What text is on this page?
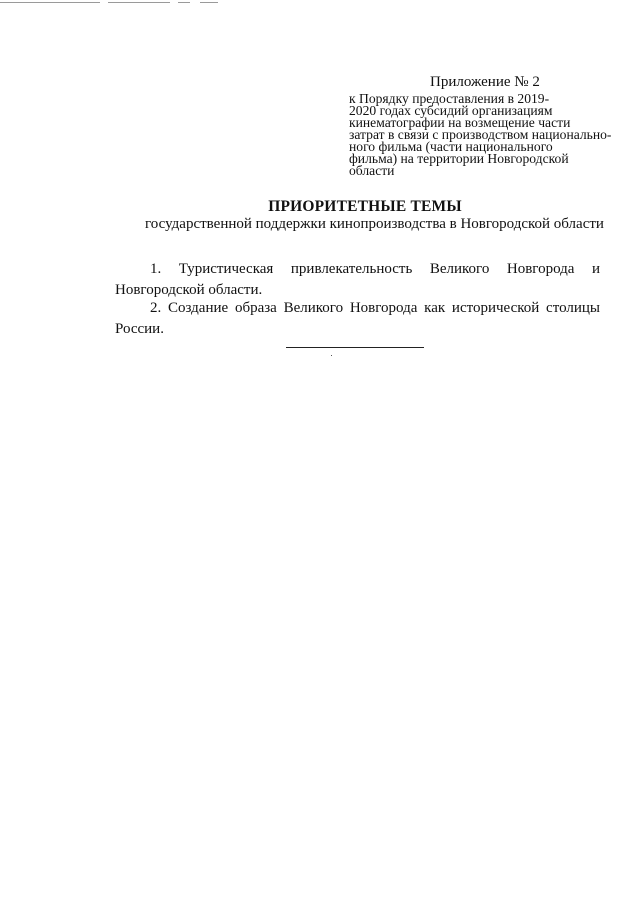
Приложение № 2
к Порядку предоставления в 2019-
2020 годах субсидий организациям
кинематографии на возмещение части
затрат в связи с производством национально-
ного фильма (части национального
фильма) на территории Новгородской
области
ПРИОРИТЕТНЫЕ ТЕМЫ
государственной поддержки кинопроизводства в Новгородской области
1. Туристическая привлекательность Великого Новгорода и
Новгородской области.
2. Создание образа Великого Новгорода как исторической столицы
России.
